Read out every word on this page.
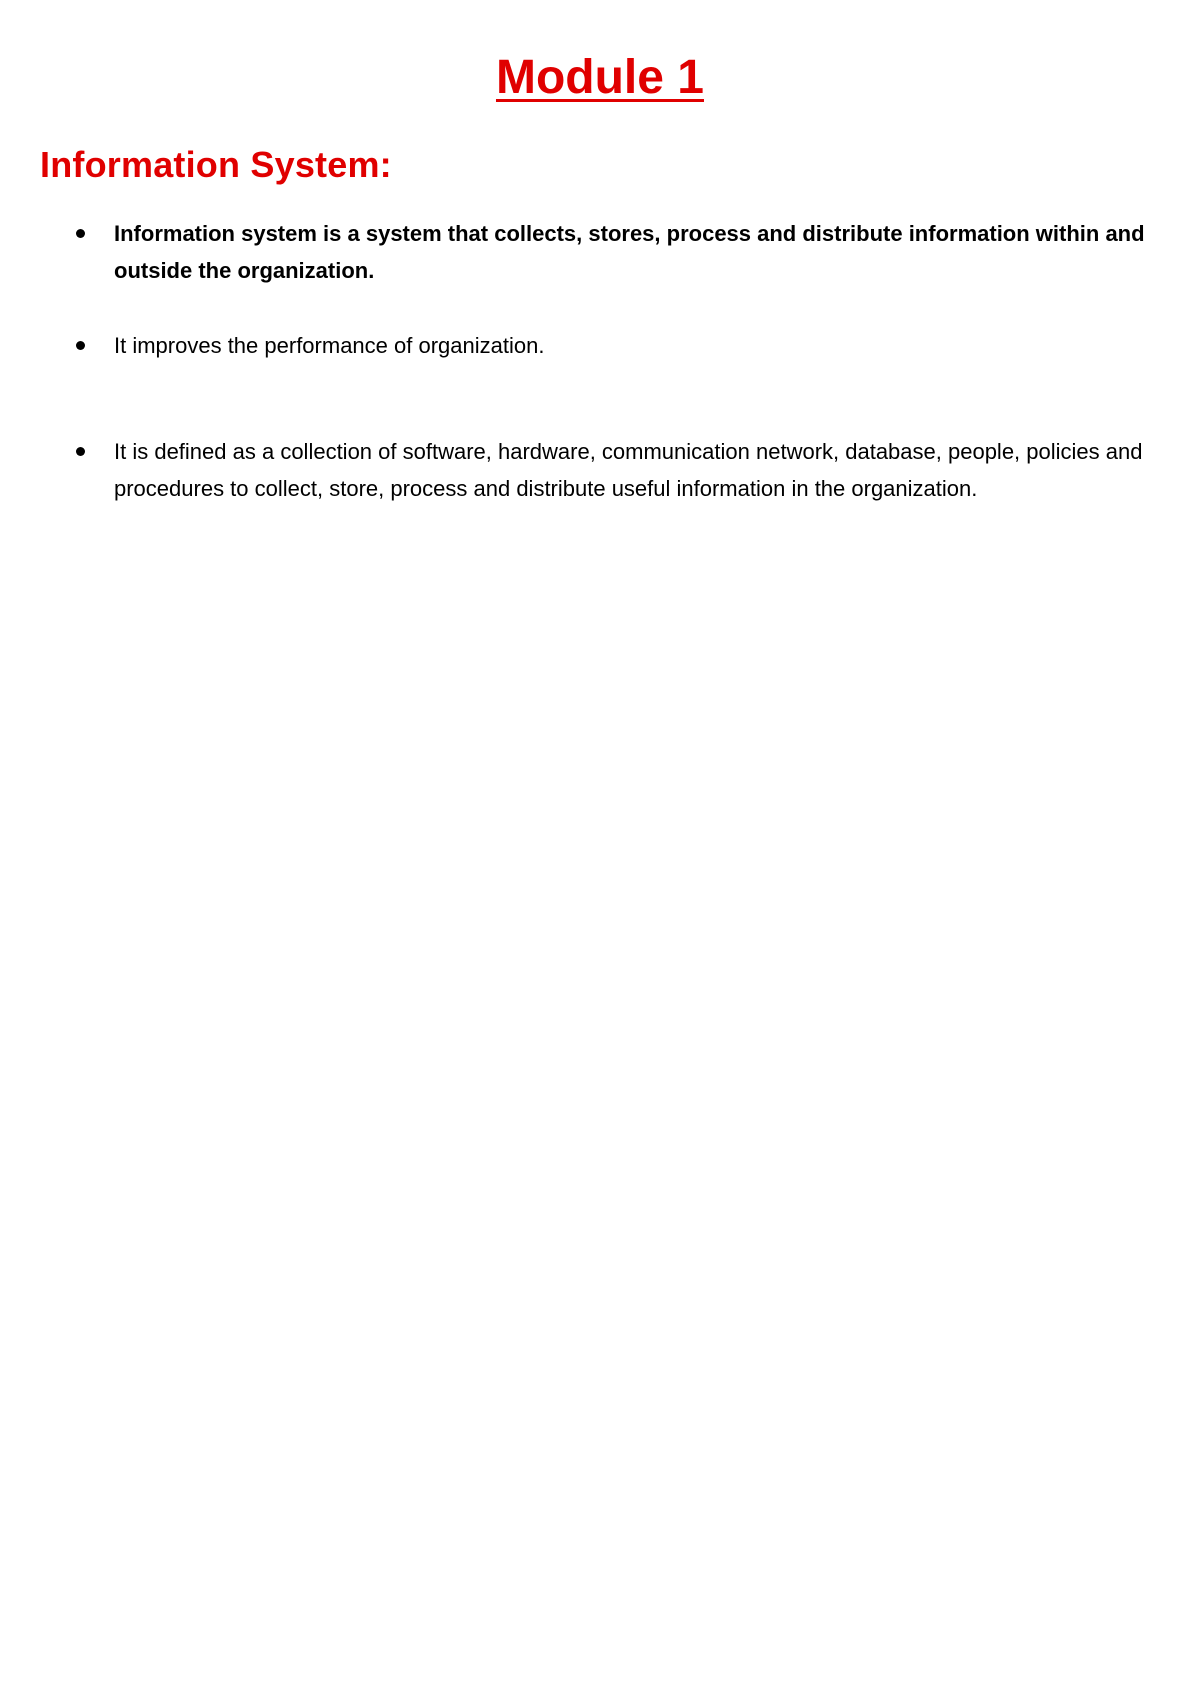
Module 1
Information System:
Information system is a system that collects, stores, process and distribute information within and outside the organization.
It improves the performance of organization.
It is defined as a collection of software, hardware, communication network, database, people, policies and procedures to collect, store, process and distribute useful information in the organization.
